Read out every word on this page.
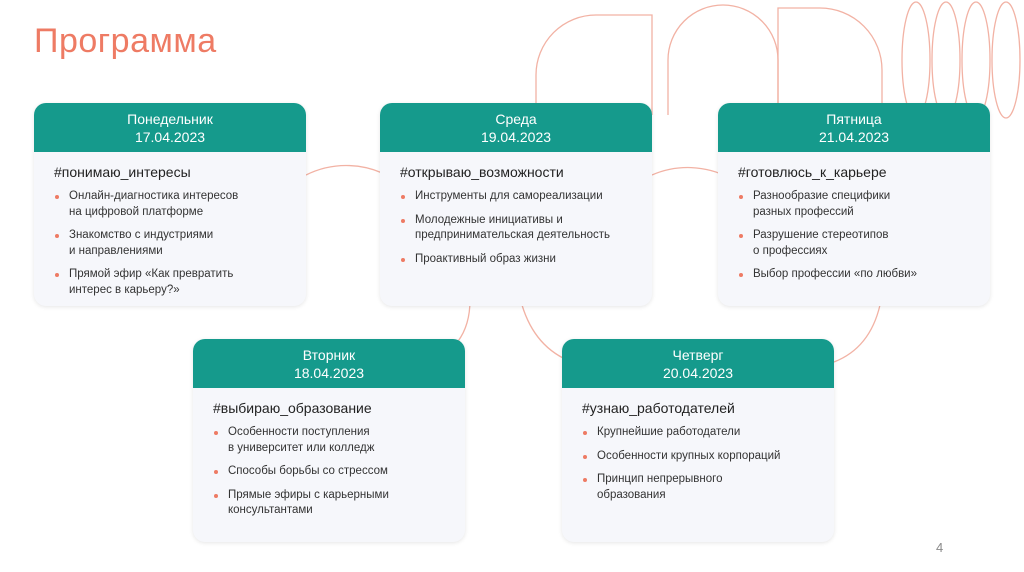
Программа
Понедельник
17.04.2023
#понимаю_интересы
Онлайн-диагностика интересов
на цифровой платформе
Знакомство с индустриями
и направлениями
Прямой эфир «Как превратить
интерес в карьеру?»
Среда
19.04.2023
#открываю_возможности
Инструменты для самореализации
Молодежные инициативы и
предпринимательская деятельность
Проактивный образ жизни
Пятница
21.04.2023
#готовлюсь_к_карьере
Разнообразие специфики
разных профессий
Разрушение стереотипов
о профессиях
Выбор профессии «по любви»
Вторник
18.04.2023
#выбираю_образование
Особенности поступления
в университет или колледж
Способы борьбы со стрессом
Прямые эфиры с карьерными
консультантами
Четверг
20.04.2023
#узнаю_работодателей
Крупнейшие работодатели
Особенности крупных корпораций
Принцип непрерывного
образования
4
